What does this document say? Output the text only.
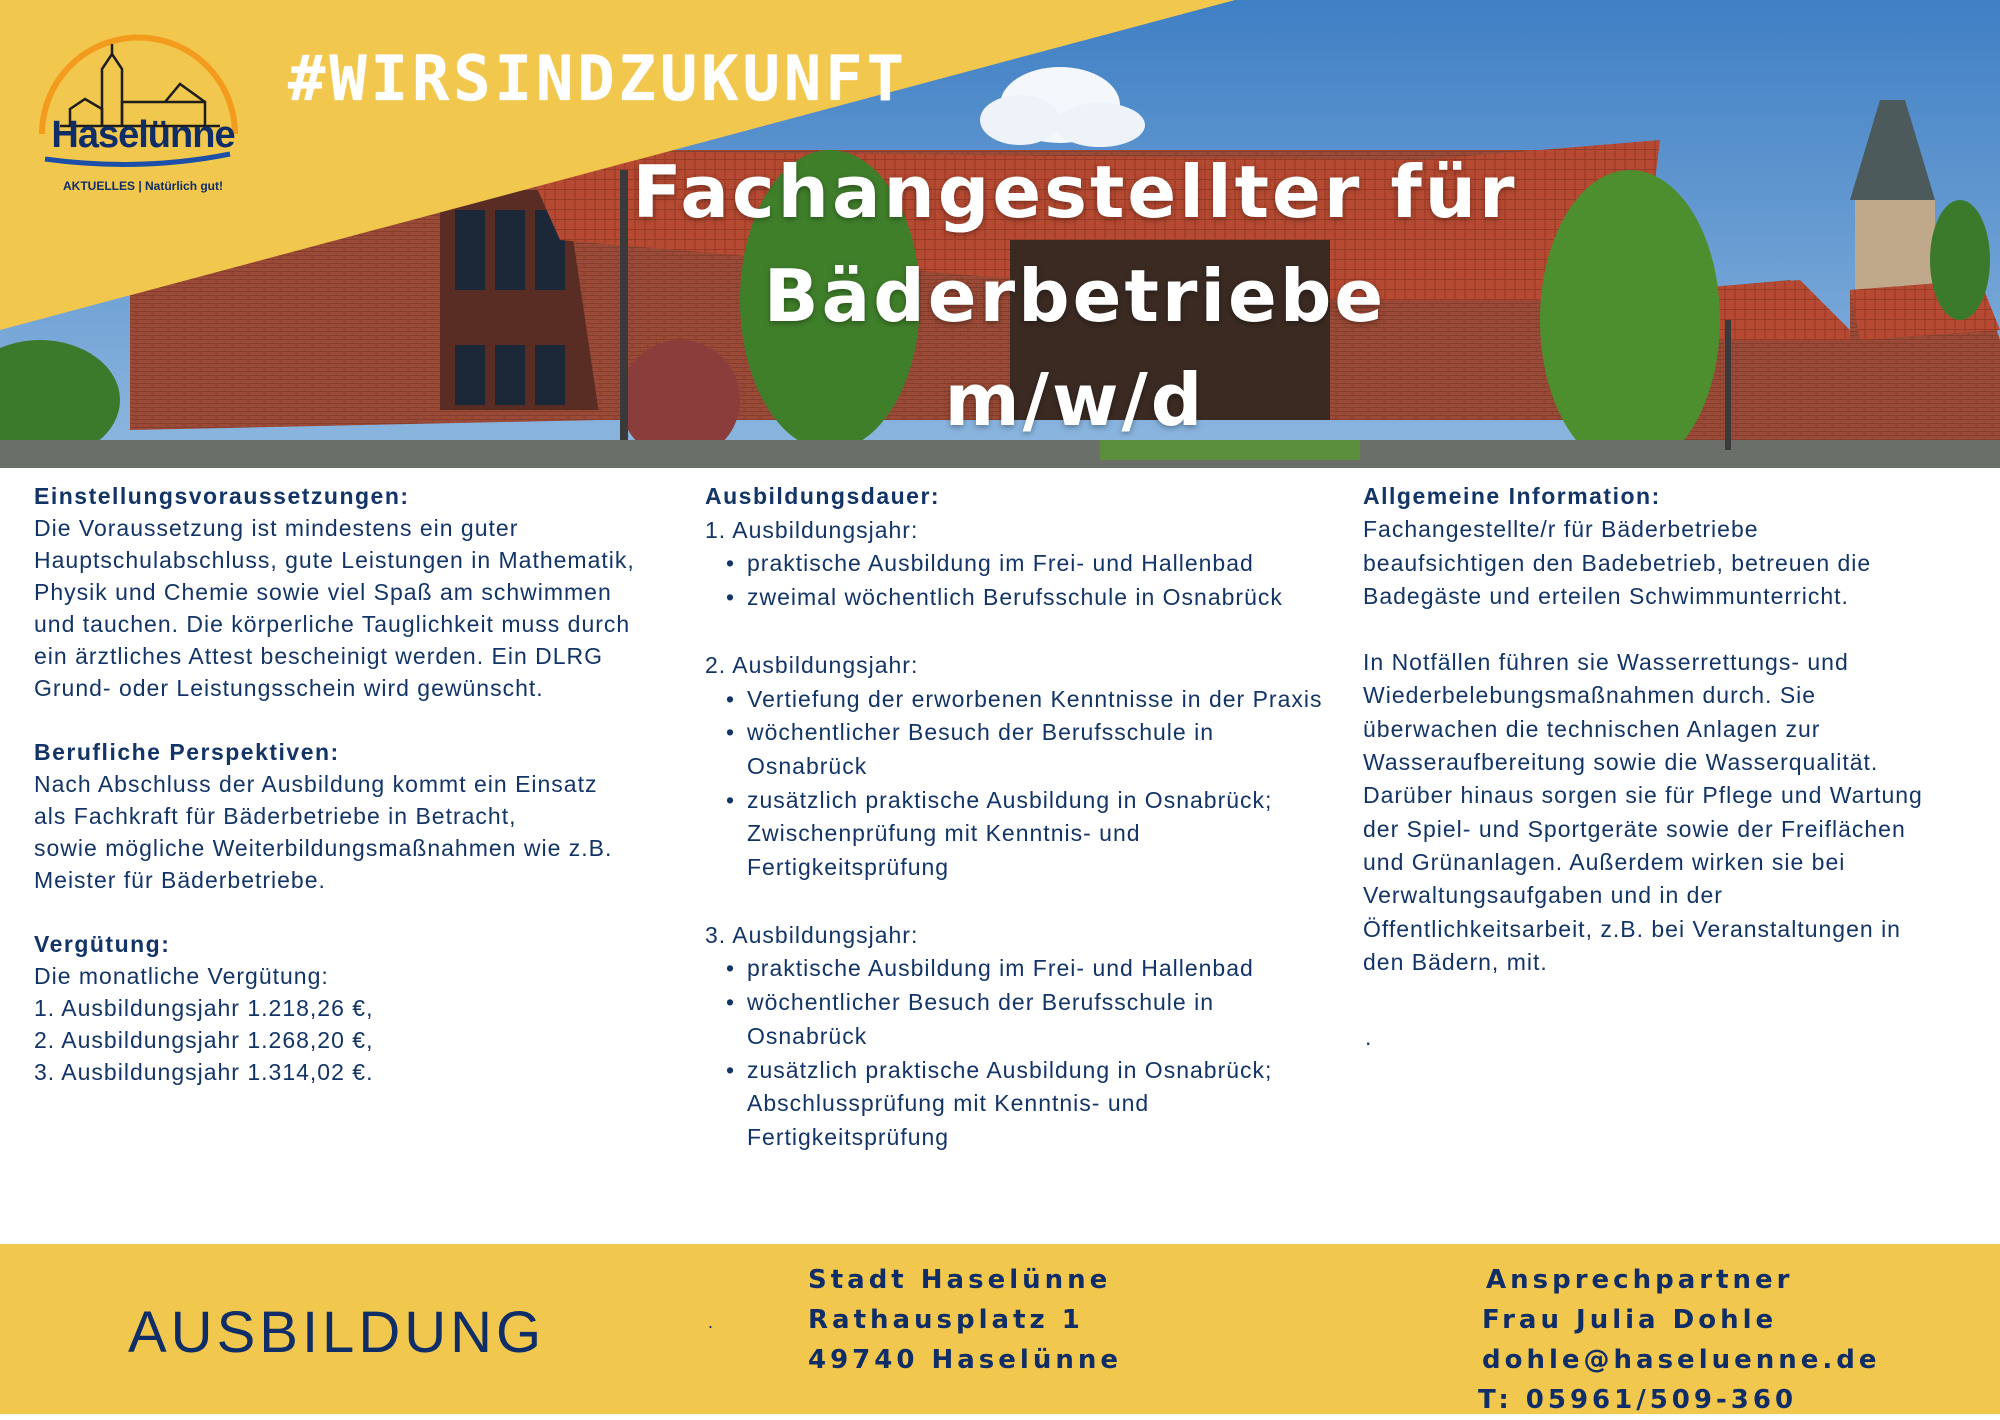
Haselünne
AKTUELLES | Natürlich gut!
#WIRSINDZUKUNFT
Fachangestellter für
Bäderbetriebe
m/w/d
Einstellungsvoraussetzungen:

Die Voraussetzung ist mindestens ein guter
Hauptschulabschluss, gute Leistungen in Mathematik,
Physik und Chemie sowie viel Spaß am schwimmen
und tauchen. Die körperliche Tauglichkeit muss durch
ein ärztliches Attest bescheinigt werden. Ein DLRG
Grund- oder Leistungsschein wird gewünscht.

Berufliche Perspektiven:

Nach Abschluss der Ausbildung kommt ein Einsatz
als Fachkraft für Bäderbetriebe in Betracht,
sowie mögliche Weiterbildungsmaßnahmen wie z.B.
Meister für Bäderbetriebe.

Vergütung:

Die monatliche Vergütung:
1. Ausbildungsjahr 1.218,26 €,
2. Ausbildungsjahr 1.268,20 €,
3. Ausbildungsjahr 1.314,02 €.

Ausbildungsdauer:

1. Ausbildungsjahr:

• praktische Ausbildung im Frei- und Hallenbad
• zweimal wöchentlich Berufsschule in Osnabrück

2. Ausbildungsjahr:

• Vertiefung der erworbenen Kenntnisse in der Praxis
• wöchentlicher Besuch der Berufsschule in Osnabrück
• zusätzlich praktische Ausbildung in Osnabrück; Zwischenprüfung mit Kenntnis- und Fertigkeitsprüfung

3. Ausbildungsjahr:

• praktische Ausbildung im Frei- und Hallenbad
• wöchentlicher Besuch der Berufsschule in Osnabrück
• zusätzlich praktische Ausbildung in Osnabrück; Abschlussprüfung mit Kenntnis- und Fertigkeitsprüfung
Allgemeine Information:

Fachangestellte/r für Bäderbetriebe
beaufsichtigen den Badebetrieb, betreuen die
Badegäste und erteilen Schwimmunterricht.

In Notfällen führen sie Wasserrettungs- und
Wiederbelebungsmaßnahmen durch. Sie
überwachen die technischen Anlagen zur
Wasseraufbereitung sowie die Wasserqualität.
Darüber hinaus sorgen sie für Pflege und Wartung
der Spiel- und Sportgeräte sowie der Freiflächen
und Grünanlagen. Außerdem wirken sie bei
Verwaltungsaufgaben und in der
Öffentlichkeitsarbeit, z.B. bei Veranstaltungen in
den Bädern, mit.

.
AUSBILDUNG	.
Stadt Haselünne
Rathausplatz 1
49740 Haselünne
Ansprechpartner
Frau Julia Dohle
dohle@haseluenne.de
T: 05961/509-360
